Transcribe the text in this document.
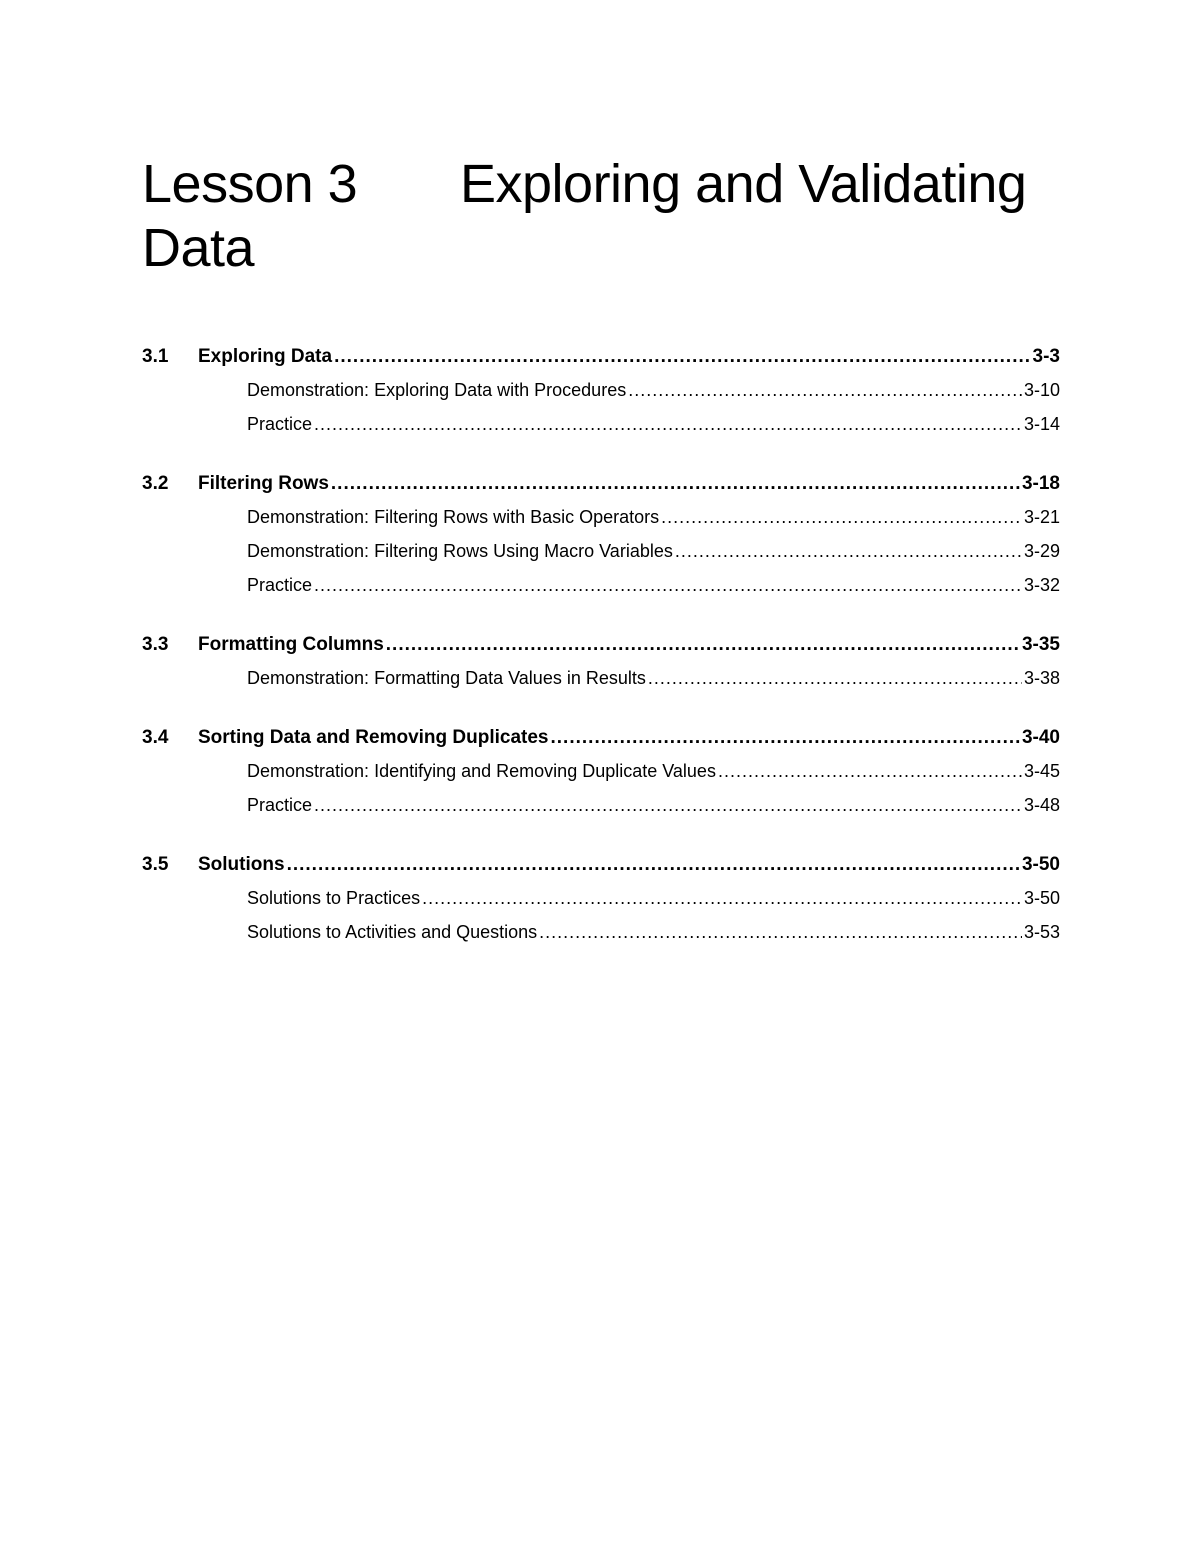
Lesson 3 Exploring and Validating
Data
3.1	Exploring Data .....	3-3
Demonstration: Exploring Data with Procedures .....	3-10
Practice .....	3-14
3.2	Filtering Rows .....	3-18
Demonstration: Filtering Rows with Basic Operators .....	3-21
Demonstration: Filtering Rows Using Macro Variables .....	3-29
Practice .....	3-32
3.3	Formatting Columns .....	3-35
Demonstration: Formatting Data Values in Results .....	3-38
3.4	Sorting Data and Removing Duplicates .....	3-40
Demonstration: Identifying and Removing Duplicate Values .....	3-45
Practice .....	3-48
3.5	Solutions .....	3-50
Solutions to Practices .....	3-50
Solutions to Activities and Questions .....	3-53
